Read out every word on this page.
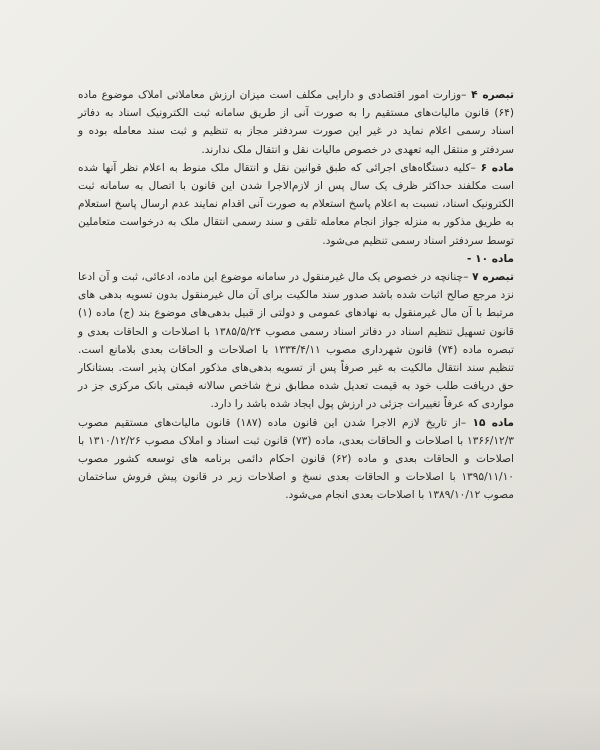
تبصره ۴ –وزارت امور اقتصادی و دارایی مکلف است میزان ارزش معاملاتی املاک موضوع ماده (۶۴) قانون مالیات‌های مستقیم را به صورت آنی از طریق سامانه ثبت الکترونیک اسناد به دفاتر اسناد رسمی اعلام نماید در غیر این صورت سردفتر مجاز به تنظیم و ثبت سند معامله بوده و سردفتر و منتقل الیه تعهدی در خصوص مالیات نقل و انتقال ملک ندارند.

ماده ۶ –کلیه دستگاه‌های اجرائی که طبق قوانین نقل و انتقال ملک منوط به اعلام نظر آنها شده است مکلفند حداکثر ظرف یک سال پس از لازم‌الاجرا شدن این قانون با اتصال به سامانه ثبت الکترونیک اسناد، نسبت به اعلام پاسخ استعلام به صورت آنی اقدام نمایند عدم ارسال پاسخ استعلام به طریق مذکور به منزله جواز انجام معامله تلقی و سند رسمی انتقال ملک به درخواست متعاملین توسط سردفتر اسناد رسمی تنظیم می‌شود.

ماده ۱۰ -

تبصره ۷ –چنانچه در خصوص یک مال غیرمنقول در سامانه موضوع این ماده، ادعائی، ثبت و آن ادعا نزد مرجع صالح اثبات شده باشد صدور سند مالکیت برای آن مال غیرمنقول بدون تسویه بدهی های مرتبط با آن مال غیرمنقول به نهادهای عمومی و دولتی از قبیل بدهی‌های موضوع بند (ج) ماده (۱) قانون تسهیل تنظیم اسناد در دفاتر اسناد رسمی مصوب ۱۳۸۵/۵/۲۴ با اصلاحات و الحاقات بعدی و تبصره ماده (۷۴) قانون شهرداری مصوب ۱۳۳۴/۴/۱۱ با اصلاحات و الحاقات بعدی بلامانع است. تنظیم سند انتقال مالکیت به غیر صرفاً پس از تسویه بدهی‌های مذکور امکان پذیر است. بستانکار حق دریافت طلب خود به قیمت تعدیل شده مطابق نرخ شاخص سالانه قیمتی بانک مرکزی جز در مواردی که عرفاً تغییرات جزئی در ارزش پول ایجاد شده باشد را دارد.

ماده ۱۵ –از تاریخ لازم الاجرا شدن این قانون ماده (۱۸۷) قانون مالیات‌های مستقیم مصوب ۱۳۶۶/۱۲/۳ با اصلاحات و الحاقات بعدی، ماده (۷۳) قانون ثبت اسناد و املاک مصوب ۱۳۱۰/۱۲/۲۶ با اصلاحات و الحاقات بعدی و ماده (۶۲) قانون احکام دائمی برنامه های توسعه کشور مصوب ۱۳۹۵/۱۱/۱۰ با اصلاحات و الحاقات بعدی نسخ و اصلاحات زیر در قانون پیش فروش ساختمان مصوب ۱۳۸۹/۱۰/۱۲ با اصلاحات بعدی انجام می‌شود.
